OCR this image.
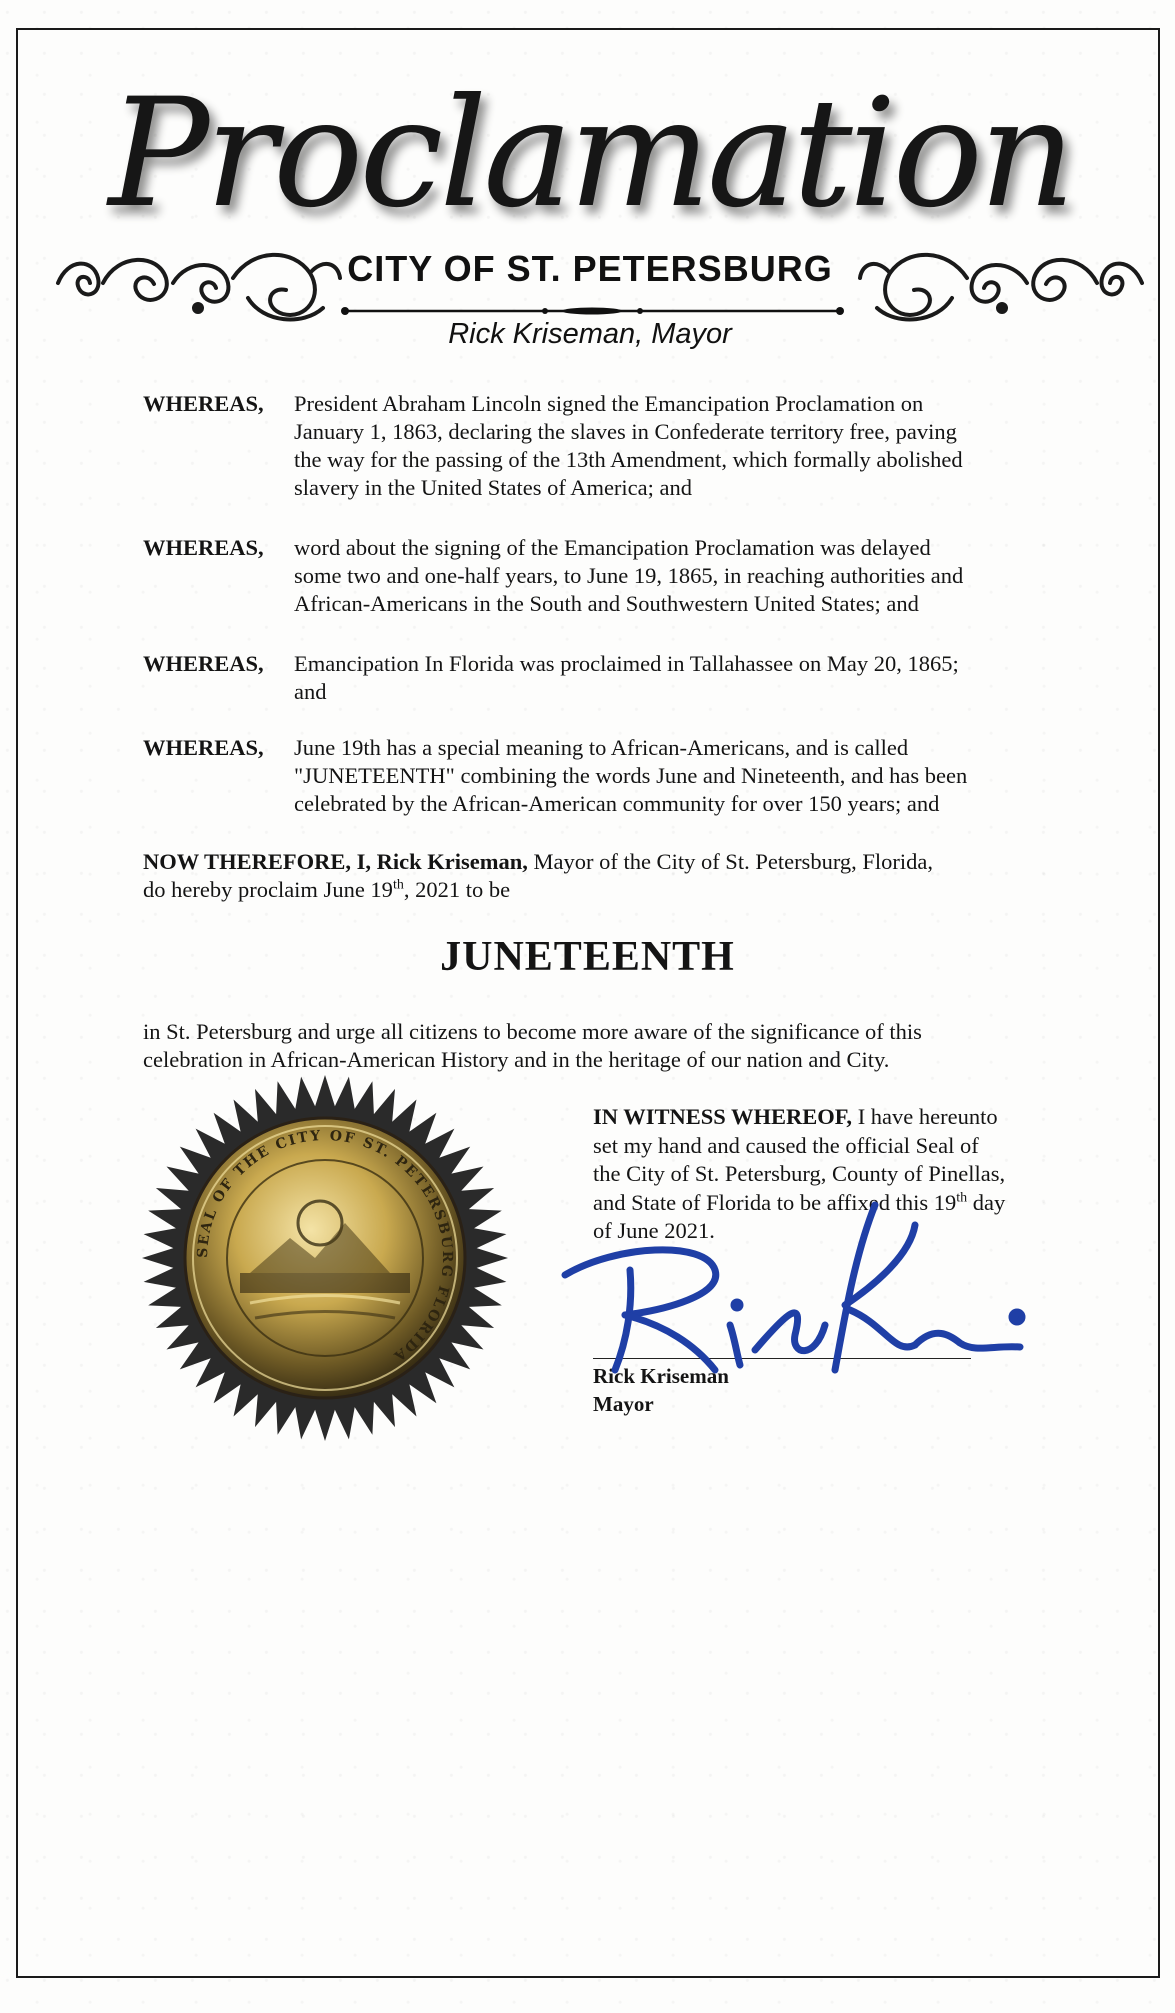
Proclamation
CITY OF ST. PETERSBURG
Rick Kriseman, Mayor
WHEREAS,	President Abraham Lincoln signed the Emancipation Proclamation on
January 1, 1863, declaring the slaves in Confederate territory free, paving
the way for the passing of the 13th Amendment, which formally abolished
slavery in the United States of America; and
WHEREAS,	word about the signing of the Emancipation Proclamation was delayed
some two and one-half years, to June 19, 1865, in reaching authorities and
African-Americans in the South and Southwestern United States; and
WHEREAS,	Emancipation In Florida was proclaimed in Tallahassee on May 20, 1865;
and
WHEREAS,	June 19th has a special meaning to African-Americans, and is called
"JUNETEENTH" combining the words June and Nineteenth, and has been
celebrated by the African-American community for over 150 years; and
NOW THEREFORE, I, Rick Kriseman, Mayor of the City of St. Petersburg, Florida,
do hereby proclaim June 19th, 2021 to be
JUNETEENTH
in St. Petersburg and urge all citizens to become more aware of the significance of this
celebration in African-American History and in the heritage of our nation and City.
SEAL OF THE CITY OF ST. PETERSBURG FLORIDA
IN WITNESS WHEREOF, I have hereunto
set my hand and caused the official Seal of
the City of St. Petersburg, County of Pinellas,
and State of Florida to be affixed this 19th day
of June 2021.
Rick Kriseman
Mayor
